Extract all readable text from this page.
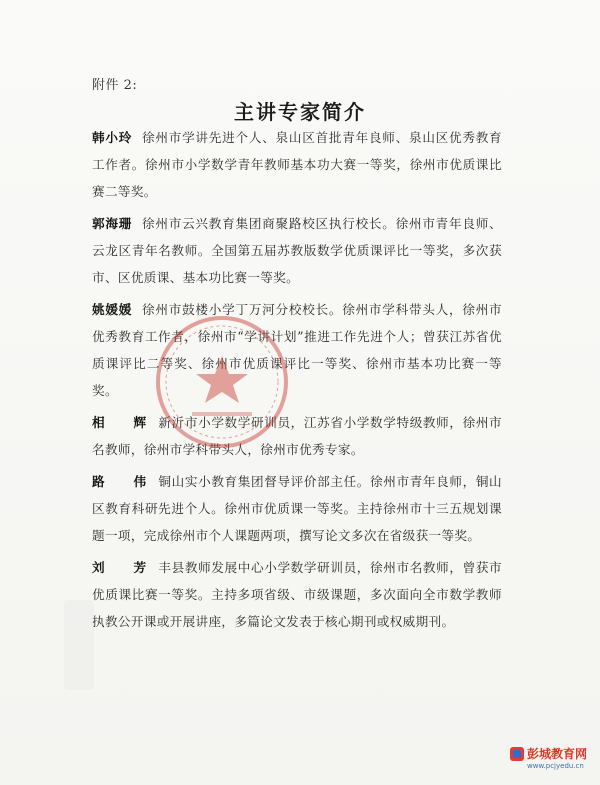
附件 2:
主讲专家简介
韩小玲 徐州市学讲先进个人、泉山区首批青年良师、泉山区优秀教育工作者。徐州市小学数学青年教师基本功大赛一等奖，徐州市优质课比赛二等奖。
郭海珊 徐州市云兴教育集团商聚路校区执行校长。徐州市青年良师、云龙区青年名教师。全国第五届苏教版数学优质课评比一等奖，多次获市、区优质课、基本功比赛一等奖。
姚媛媛 徐州市鼓楼小学丁万河分校校长。徐州市学科带头人，徐州市优秀教育工作者，徐州市“学讲计划”推进工作先进个人；曾获江苏省优质课评比二等奖、徐州市优质课评比一等奖、徐州市基本功比赛一等奖。
相 辉新沂市小学数学研训员，江苏省小学数学特级教师，徐州市名教师，徐州市学科带头人，徐州市优秀专家。
路 伟铜山实小教育集团督导评价部主任。徐州市青年良师，铜山区教育科研先进个人。徐州市优质课一等奖。主持徐州市十三五规划课题一项，完成徐州市个人课题两项，撰写论文多次在省级获一等奖。
刘 芳丰县教师发展中心小学数学研训员，徐州市名教师，曾获市优质课比赛一等奖。主持多项省级、市级课题，多次面向全市数学教师执教公开课或开展讲座，多篇论文发表于核心期刊或权威期刊。
彭城教育网
www.pcjyedu.cn
